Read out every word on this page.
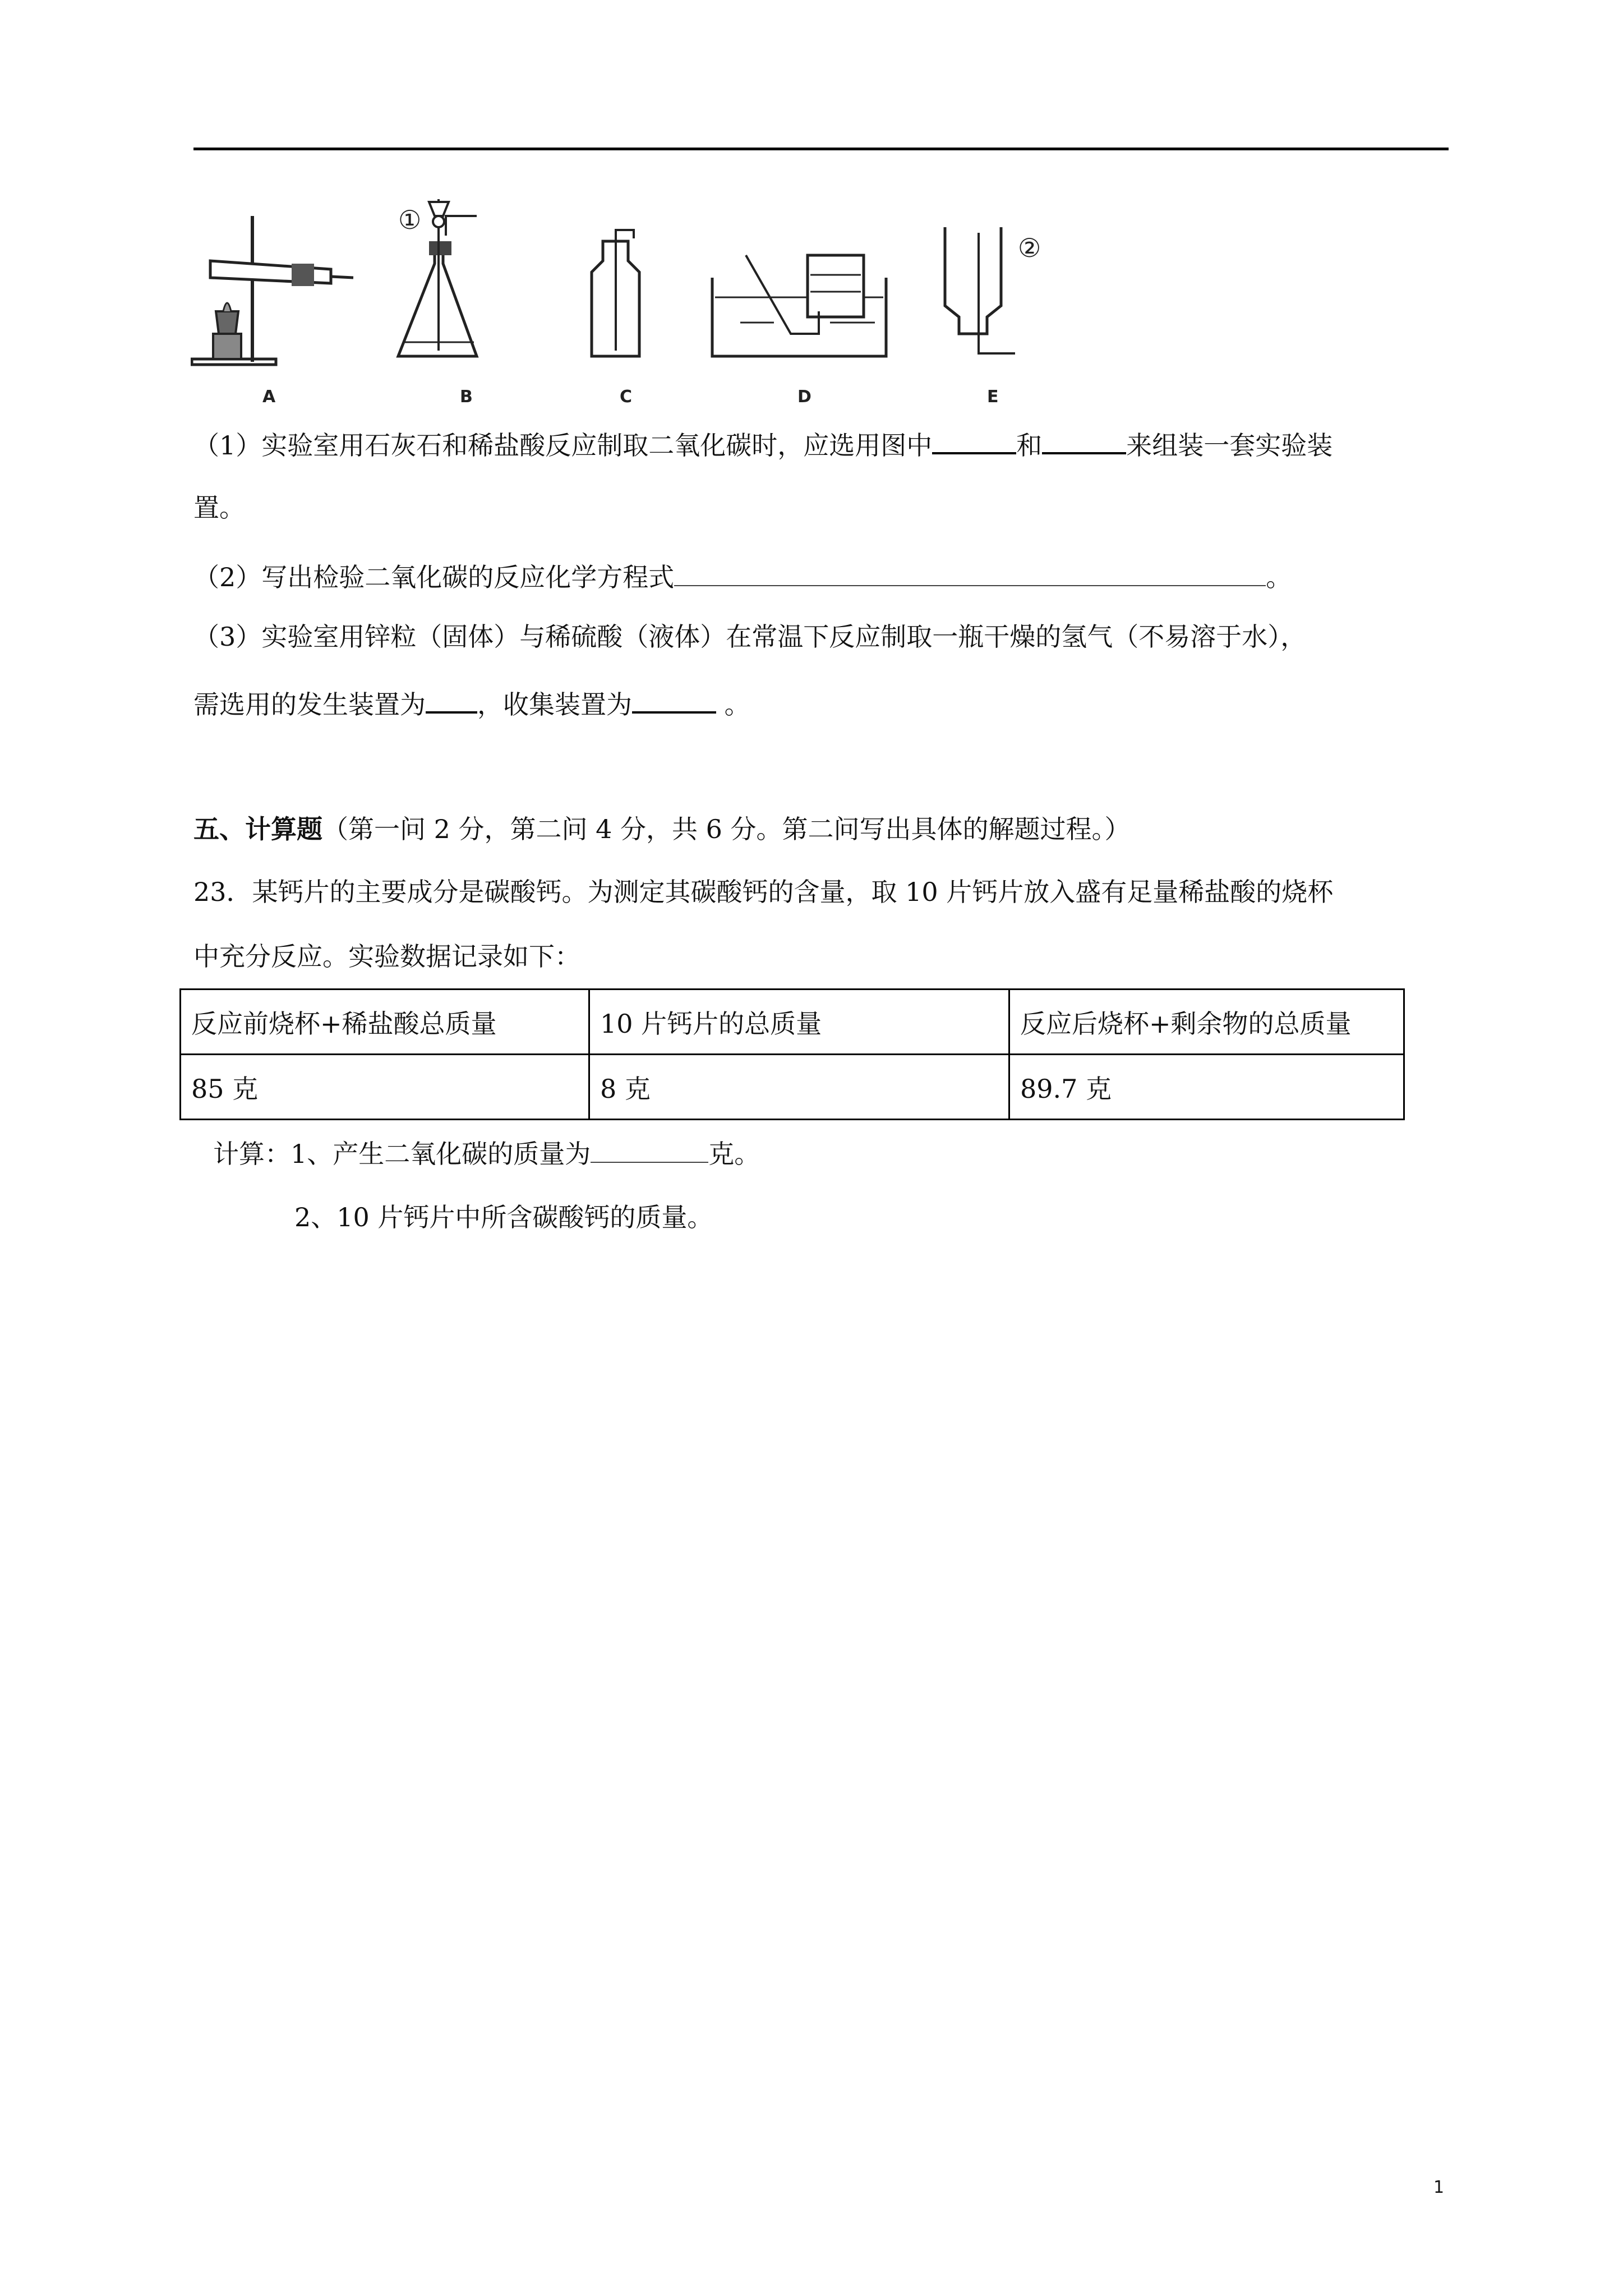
①
②
A	B	C	D	E
（1）实验室用石灰石和稀盐酸反应制取二氧化碳时，应选用图中	和	来组装一套实验装
置。
（2）写出检验二氧化碳的反应化学方程式	。
（3）实验室用锌粒（固体）与稀硫酸（液体）在常温下反应制取一瓶干燥的氢气（不易溶于水），
需选用的发生装置为 ，收集装置为	。
五、计算题（第一问 2 分，第二问 4 分，共 6 分。第二问写出具体的解题过程。）
23．某钙片的主要成分是碳酸钙。为测定其碳酸钙的含量，取 10 片钙片放入盛有足量稀盐酸的烧杯
中充分反应。实验数据记录如下：
反应前烧杯+稀盐酸总质量	10 片钙片的总质量	反应后烧杯+剩余物的总质量
85 克	8 克	89.7 克
计算：1、产生二氧化碳的质量为	克。
2、10 片钙片中所含碳酸钙的质量。
1
